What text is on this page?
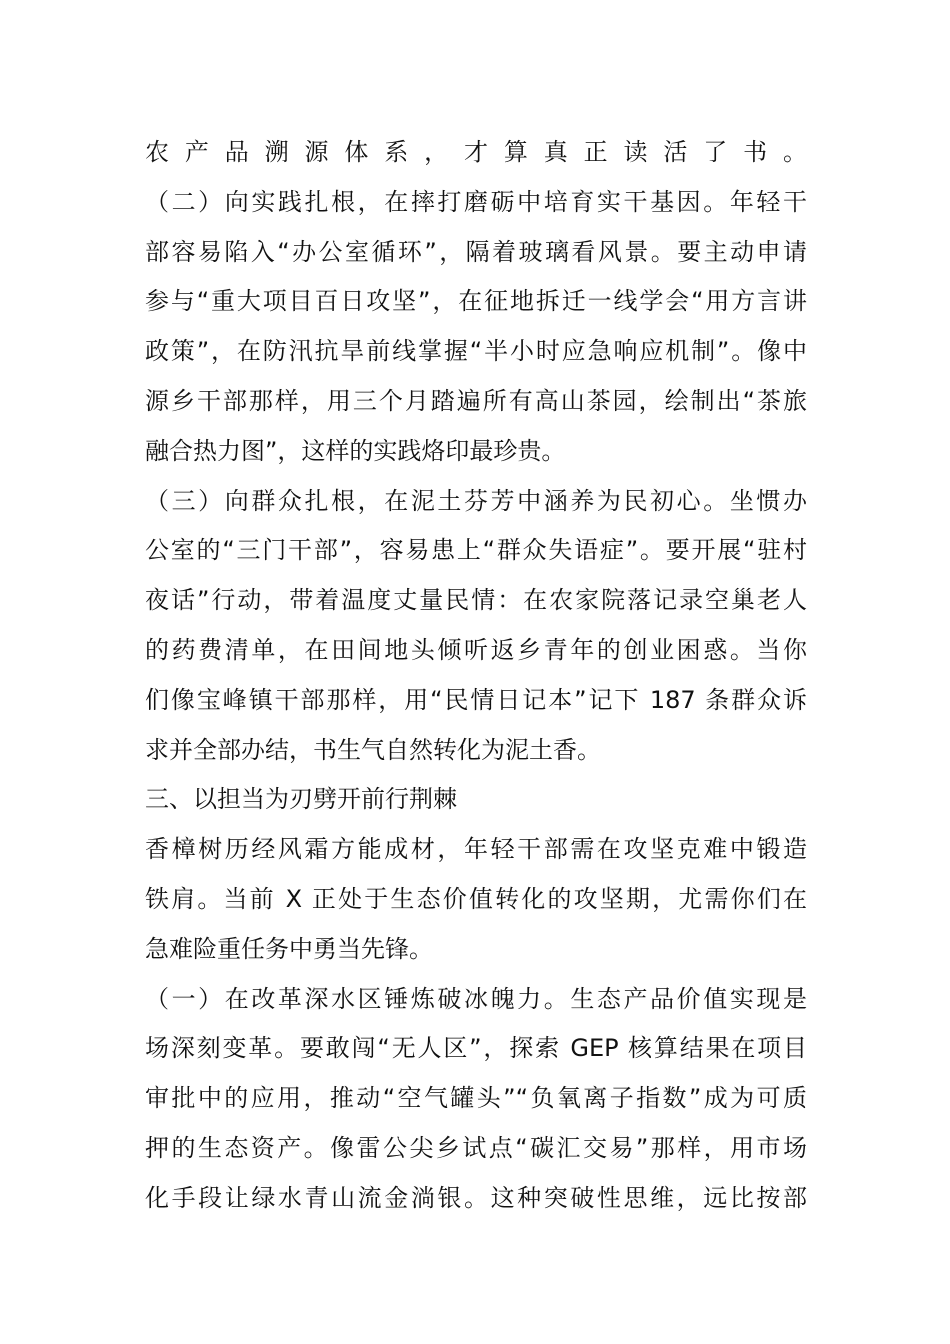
农产品溯源体系，才算真正读活了书。
（二）向实践扎根，在摔打磨砺中培育实干基因。年轻干
部容易陷入“办公室循环”，隔着玻璃看风景。要主动申请
参与“重大项目百日攻坚”，在征地拆迁一线学会“用方言讲
政策”，在防汛抗旱前线掌握“半小时应急响应机制”。像中
源乡干部那样，用三个月踏遍所有高山茶园，绘制出“茶旅
融合热力图”，这样的实践烙印最珍贵。
（三）向群众扎根，在泥土芬芳中涵养为民初心。坐惯办
公室的“三门干部”，容易患上“群众失语症”。要开展“驻村
夜话”行动，带着温度丈量民情：在农家院落记录空巢老人
的药费清单，在田间地头倾听返乡青年的创业困惑。当你
们像宝峰镇干部那样，用“民情日记本”记下 187 条群众诉
求并全部办结，书生气自然转化为泥土香。
三、以担当为刃劈开前行荆棘
香樟树历经风霜方能成材，年轻干部需在攻坚克难中锻造
铁肩。当前 X 正处于生态价值转化的攻坚期，尤需你们在
急难险重任务中勇当先锋。
（一）在改革深水区锤炼破冰魄力。生态产品价值实现是
场深刻变革。要敢闯“无人区”，探索 GEP 核算结果在项目
审批中的应用，推动“空气罐头”“负氧离子指数”成为可质
押的生态资产。像雷公尖乡试点“碳汇交易”那样，用市场
化手段让绿水青山流金淌银。这种突破性思维，远比按部
